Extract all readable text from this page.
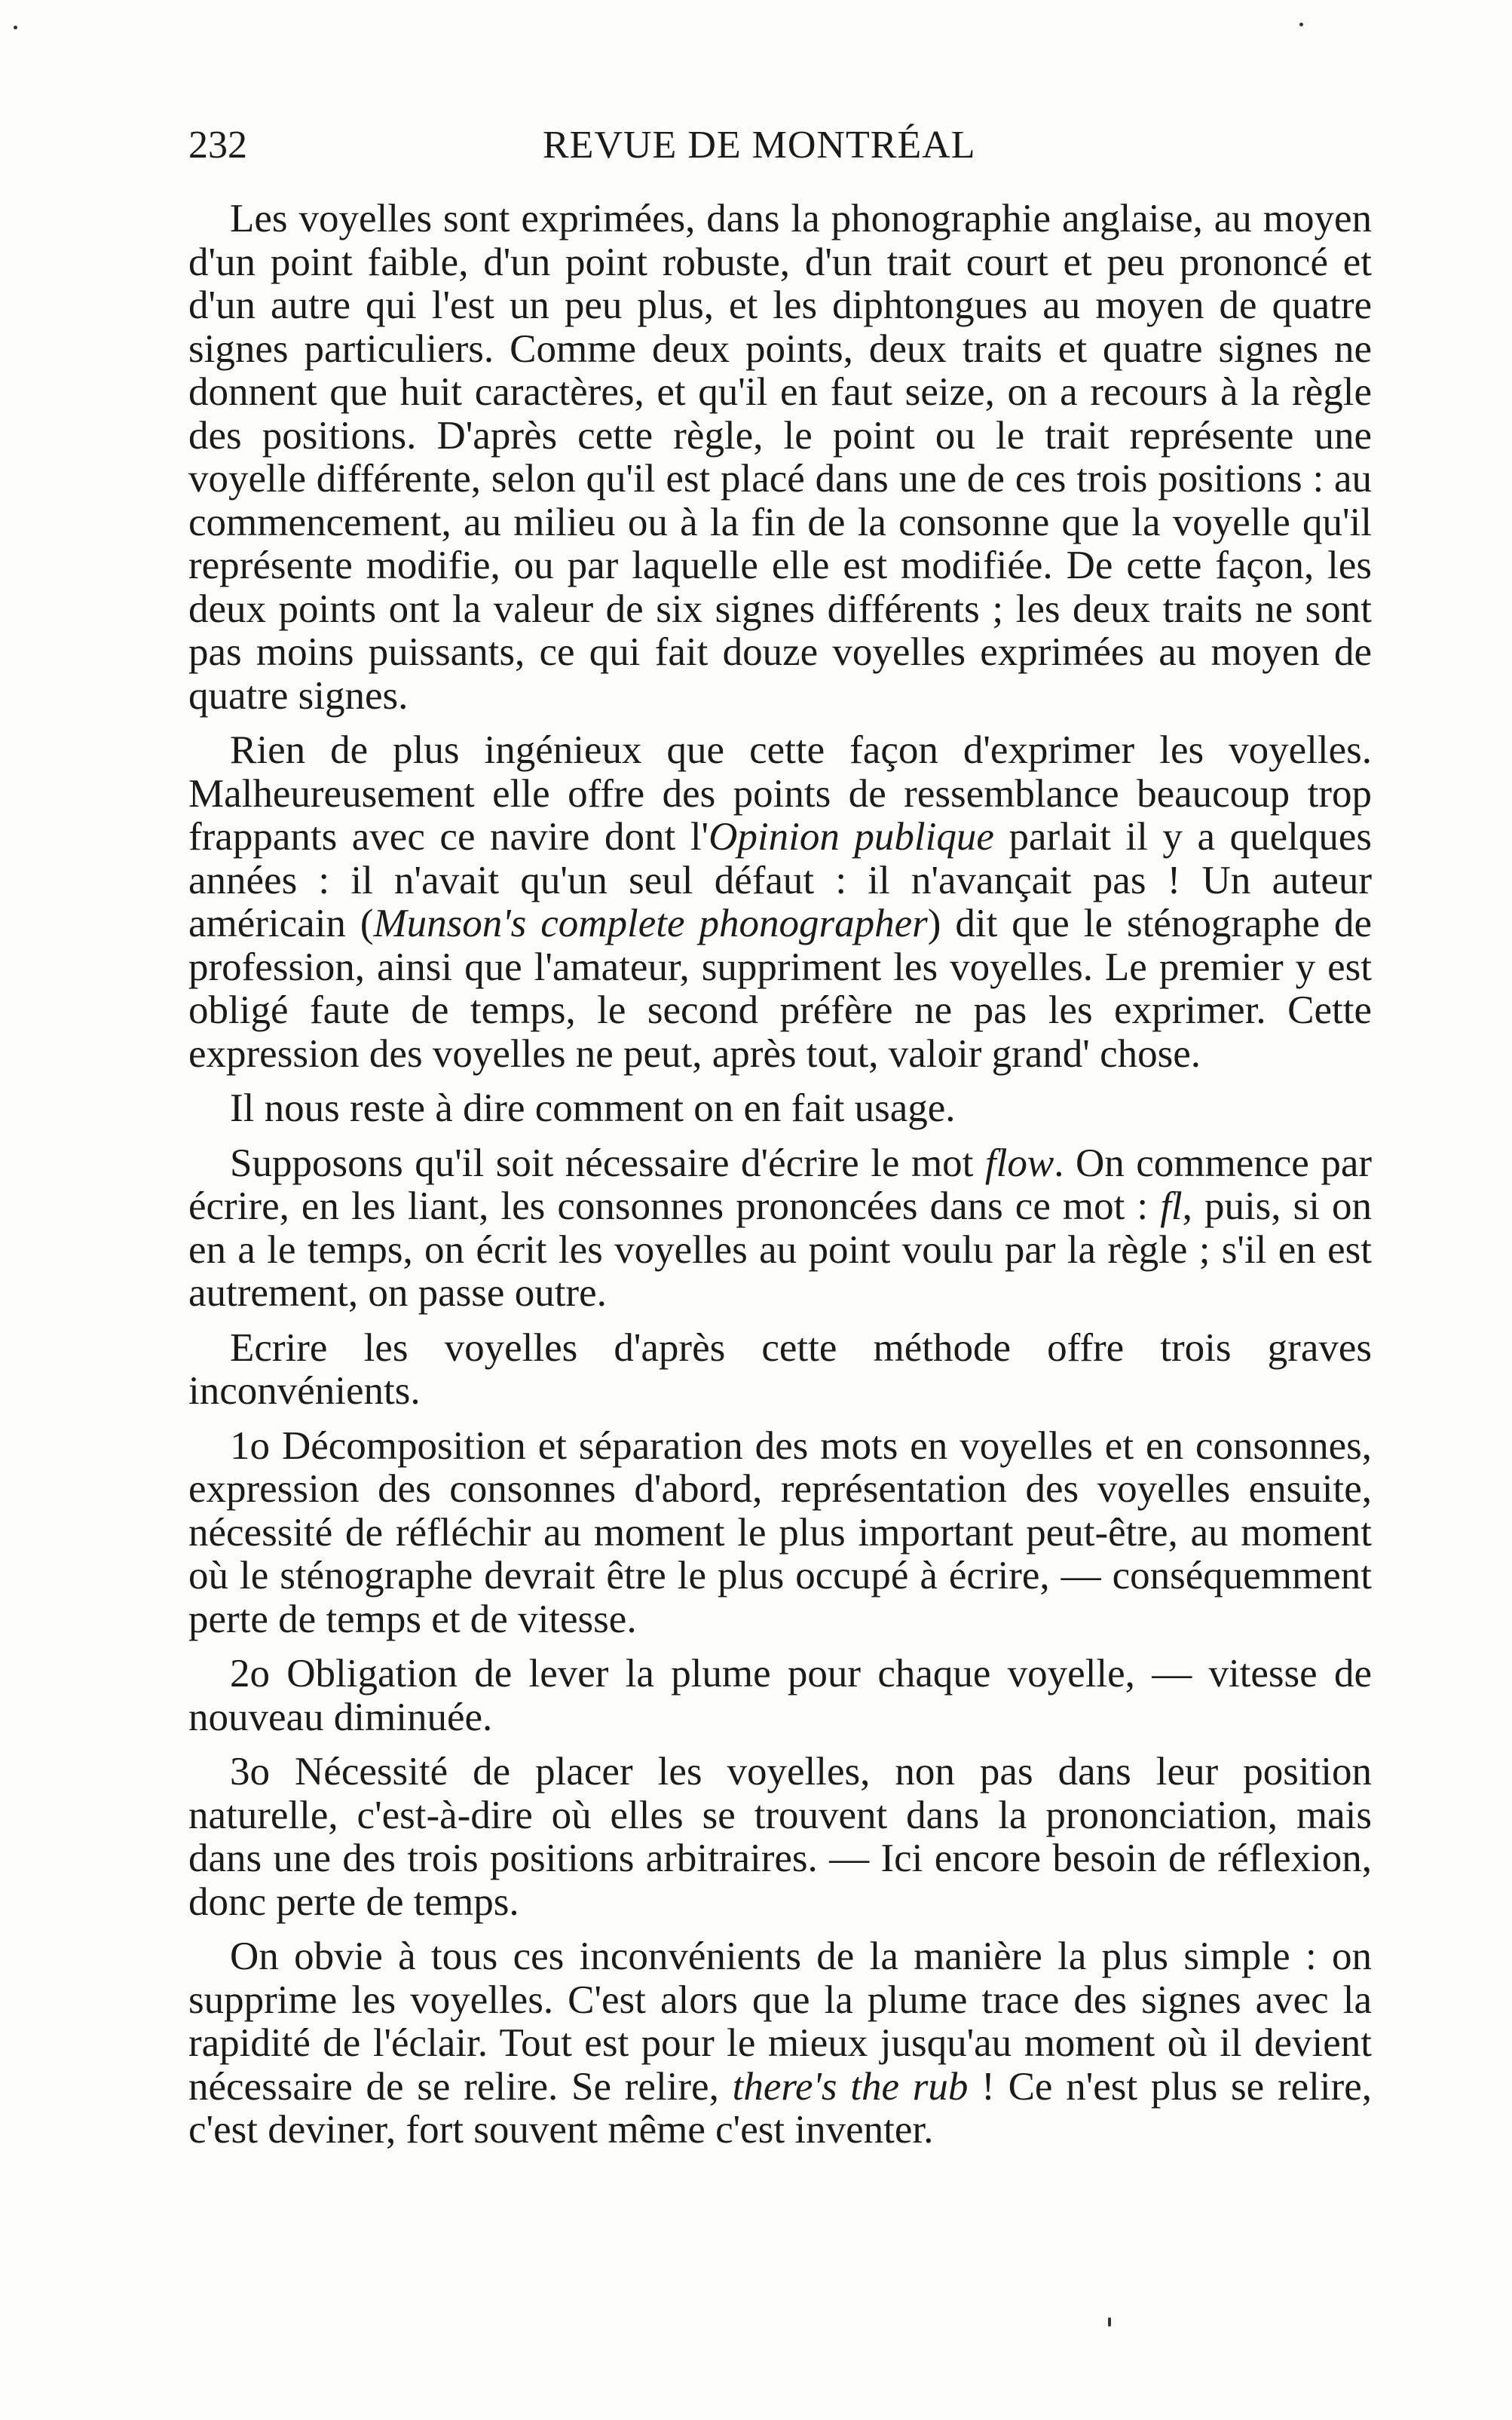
232	REVUE DE MONTRÉAL

Les voyelles sont exprimées, dans la phonographie anglaise, au moyen d'un point faible, d'un point robuste, d'un trait court et peu prononcé et d'un autre qui l'est un peu plus, et les diphtongues au moyen de quatre signes particuliers. Comme deux points, deux traits et quatre signes ne donnent que huit caractères, et qu'il en faut seize, on a recours à la règle des positions. D'après cette règle, le point ou le trait représente une voyelle différente, selon qu'il est placé dans une de ces trois positions : au commencement, au milieu ou à la fin de la consonne que la voyelle qu'il représente modifie, ou par laquelle elle est modifiée. De cette façon, les deux points ont la valeur de six signes différents ; les deux traits ne sont pas moins puissants, ce qui fait douze voyelles exprimées au moyen de quatre signes.

Rien de plus ingénieux que cette façon d'exprimer les voyelles. Malheureusement elle offre des points de ressemblance beaucoup trop frappants avec ce navire dont l'Opinion publique parlait il y a quelques années : il n'avait qu'un seul défaut : il n'avançait pas ! Un auteur américain (Munson's complete phonographer) dit que le sténographe de profession, ainsi que l'amateur, suppriment les voyelles. Le premier y est obligé faute de temps, le second préfère ne pas les exprimer. Cette expression des voyelles ne peut, après tout, valoir grand' chose.

Il nous reste à dire comment on en fait usage.

Supposons qu'il soit nécessaire d'écrire le mot flow. On commence par écrire, en les liant, les consonnes prononcées dans ce mot : fl, puis, si on en a le temps, on écrit les voyelles au point voulu par la règle ; s'il en est autrement, on passe outre.

Ecrire les voyelles d'après cette méthode offre trois graves inconvénients.

1o Décomposition et séparation des mots en voyelles et en consonnes, expression des consonnes d'abord, représentation des voyelles ensuite, nécessité de réfléchir au moment le plus important peut-être, au moment où le sténographe devrait être le plus occupé à écrire, — conséquemment perte de temps et de vitesse.

2o Obligation de lever la plume pour chaque voyelle, — vitesse de nouveau diminuée.

3o Nécessité de placer les voyelles, non pas dans leur position naturelle, c'est-à-dire où elles se trouvent dans la prononciation, mais dans une des trois positions arbitraires. — Ici encore besoin de réflexion, donc perte de temps.

On obvie à tous ces inconvénients de la manière la plus simple : on supprime les voyelles. C'est alors que la plume trace des signes avec la rapidité de l'éclair. Tout est pour le mieux jusqu'au moment où il devient nécessaire de se relire. Se relire, there's the rub ! Ce n'est plus se relire, c'est deviner, fort souvent même c'est inventer.
